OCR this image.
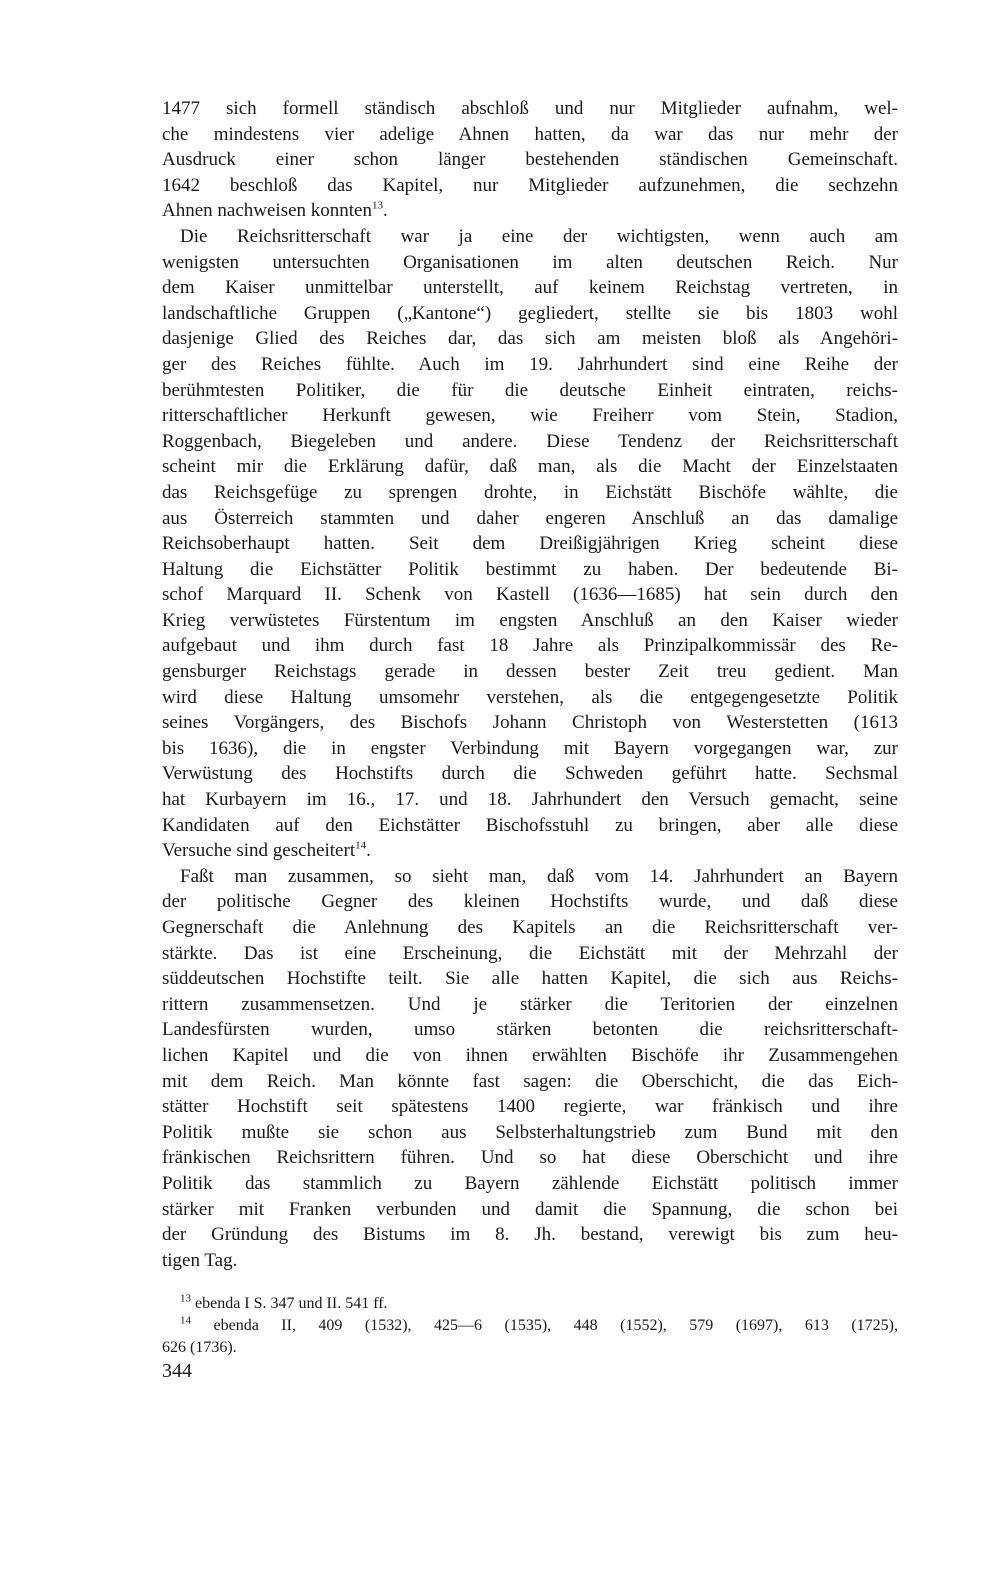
1477 sich formell ständisch abschloß und nur Mitglieder aufnahm, wel-
che mindestens vier adelige Ahnen hatten, da war das nur mehr der
Ausdruck einer schon länger bestehenden ständischen Gemeinschaft.
1642 beschloß das Kapitel, nur Mitglieder aufzunehmen, die sechzehn
Ahnen nachweisen konnten$^{13}$.
Die Reichsritterschaft war ja eine der wichtigsten, wenn auch am
wenigsten untersuchten Organisationen im alten deutschen Reich. Nur
dem Kaiser unmittelbar unterstellt, auf keinem Reichstag vertreten, in
landschaftliche Gruppen („Kantone“) gegliedert, stellte sie bis 1803 wohl
dasjenige Glied des Reiches dar, das sich am meisten bloß als Angehöri-
ger des Reiches fühlte. Auch im 19. Jahrhundert sind eine Reihe der
berühmtesten Politiker, die für die deutsche Einheit eintraten, reichs-
ritterschaftlicher Herkunft gewesen, wie Freiherr vom Stein, Stadion,
Roggenbach, Biegeleben und andere. Diese Tendenz der Reichsritterschaft
scheint mir die Erklärung dafür, daß man, als die Macht der Einzelstaaten
das Reichsgefüge zu sprengen drohte, in Eichstätt Bischöfe wählte, die
aus Österreich stammten und daher engeren Anschluß an das damalige
Reichsoberhaupt hatten. Seit dem Dreißigjährigen Krieg scheint diese
Haltung die Eichstätter Politik bestimmt zu haben. Der bedeutende Bi-
schof Marquard II. Schenk von Kastell (1636—1685) hat sein durch den
Krieg verwüstetes Fürstentum im engsten Anschluß an den Kaiser wieder
aufgebaut und ihm durch fast 18 Jahre als Prinzipalkommissär des Re-
gensburger Reichstags gerade in dessen bester Zeit treu gedient. Man
wird diese Haltung umsomehr verstehen, als die entgegengesetzte Politik
seines Vorgängers, des Bischofs Johann Christoph von Westerstetten (1613
bis 1636), die in engster Verbindung mit Bayern vorgegangen war, zur
Verwüstung des Hochstifts durch die Schweden geführt hatte. Sechsmal
hat Kurbayern im 16., 17. und 18. Jahrhundert den Versuch gemacht, seine
Kandidaten auf den Eichstätter Bischofsstuhl zu bringen, aber alle diese
Versuche sind gescheitert$^{14}$.
Faßt man zusammen, so sieht man, daß vom 14. Jahrhundert an Bayern
der politische Gegner des kleinen Hochstifts wurde, und daß diese
Gegnerschaft die Anlehnung des Kapitels an die Reichsritterschaft ver-
stärkte. Das ist eine Erscheinung, die Eichstätt mit der Mehrzahl der
süddeutschen Hochstifte teilt. Sie alle hatten Kapitel, die sich aus Reichs-
rittern zusammensetzen. Und je stärker die Teritorien der einzelnen
Landesfürsten wurden, umso stärken betonten die reichsritterschaft-
lichen Kapitel und die von ihnen erwählten Bischöfe ihr Zusammengehen
mit dem Reich. Man könnte fast sagen: die Oberschicht, die das Eich-
stätter Hochstift seit spätestens 1400 regierte, war fränkisch und ihre
Politik mußte sie schon aus Selbsterhaltungstrieb zum Bund mit den
fränkischen Reichsrittern führen. Und so hat diese Oberschicht und ihre
Politik das stammlich zu Bayern zählende Eichstätt politisch immer
stärker mit Franken verbunden und damit die Spannung, die schon bei
der Gründung des Bistums im 8. Jh. bestand, verewigt bis zum heu-
tigen Tag.
$^{13}$ ebenda I S. 347 und II. 541 ff.
$^{14}$ ebenda II, 409 (1532), 425—6 (1535), 448 (1552), 579 (1697), 613 (1725),
626 (1736).
344
